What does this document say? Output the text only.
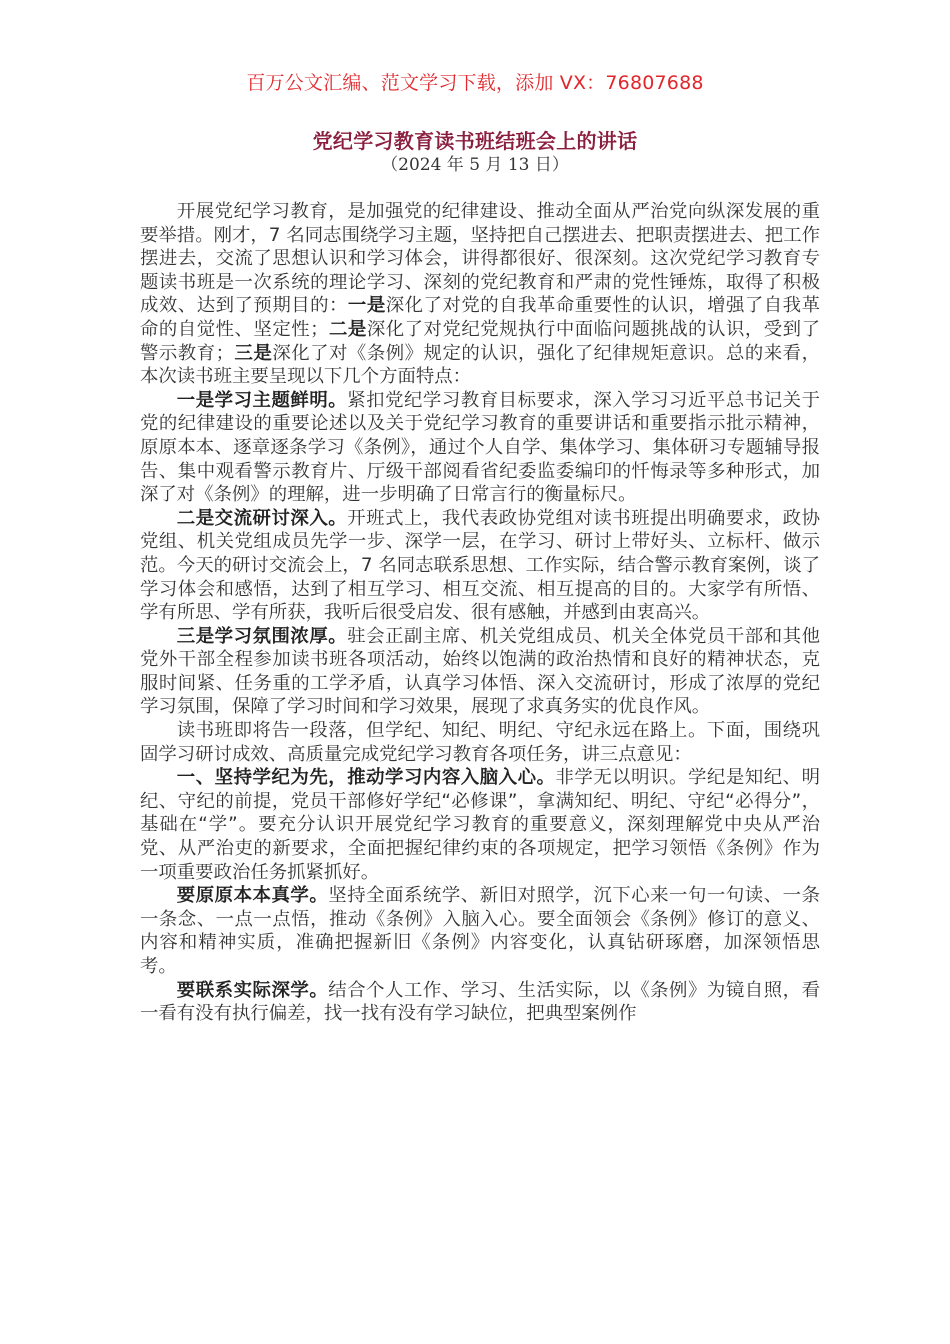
百万公文汇编、范文学习下载，添加 VX：76807688
党纪学习教育读书班结班会上的讲话
（2024 年 5 月 13 日）

开展党纪学习教育，是加强党的纪律建设、推动全面从严治党向纵深发展的重要举措。刚才，7 名同志围绕学习主题，坚持把自己摆进去、把职责摆进去、把工作摆进去，交流了思想认识和学习体会，讲得都很好、很深刻。这次党纪学习教育专题读书班是一次系统的理论学习、深刻的党纪教育和严肃的党性锤炼，取得了积极成效、达到了预期目的：一是深化了对党的自我革命重要性的认识，增强了自我革命的自觉性、坚定性；二是深化了对党纪党规执行中面临问题挑战的认识，受到了警示教育；三是深化了对《条例》规定的认识，强化了纪律规矩意识。总的来看，本次读书班主要呈现以下几个方面特点：

一是学习主题鲜明。紧扣党纪学习教育目标要求，深入学习习近平总书记关于党的纪律建设的重要论述以及关于党纪学习教育的重要讲话和重要指示批示精神，原原本本、逐章逐条学习《条例》，通过个人自学、集体学习、集体研习专题辅导报告、集中观看警示教育片、厅级干部阅看省纪委监委编印的忏悔录等多种形式，加深了对《条例》的理解，进一步明确了日常言行的衡量标尺。

二是交流研讨深入。开班式上，我代表政协党组对读书班提出明确要求，政协党组、机关党组成员先学一步、深学一层，在学习、研讨上带好头、立标杆、做示范。今天的研讨交流会上，7 名同志联系思想、工作实际，结合警示教育案例，谈了学习体会和感悟，达到了相互学习、相互交流、相互提高的目的。大家学有所悟、学有所思、学有所获，我听后很受启发、很有感触，并感到由衷高兴。

三是学习氛围浓厚。驻会正副主席、机关党组成员、机关全体党员干部和其他党外干部全程参加读书班各项活动，始终以饱满的政治热情和良好的精神状态，克服时间紧、任务重的工学矛盾，认真学习体悟、深入交流研讨，形成了浓厚的党纪学习氛围，保障了学习时间和学习效果，展现了求真务实的优良作风。

读书班即将告一段落，但学纪、知纪、明纪、守纪永远在路上。下面，围绕巩固学习研讨成效、高质量完成党纪学习教育各项任务，讲三点意见：

一、坚持学纪为先，推动学习内容入脑入心。非学无以明识。学纪是知纪、明纪、守纪的前提，党员干部修好学纪“必修课”，拿满知纪、明纪、守纪“必得分”，基础在“学”。要充分认识开展党纪学习教育的重要意义，深刻理解党中央从严治党、从严治吏的新要求，全面把握纪律约束的各项规定，把学习领悟《条例》作为一项重要政治任务抓紧抓好。

要原原本本真学。坚持全面系统学、新旧对照学，沉下心来一句一句读、一条一条念、一点一点悟，推动《条例》入脑入心。要全面领会《条例》修订的意义、内容和精神实质，准确把握新旧《条例》内容变化，认真钻研琢磨，加深领悟思考。

要联系实际深学。结合个人工作、学习、生活实际，以《条例》为镜自照，看一看有没有执行偏差，找一找有没有学习缺位，把典型案例作
